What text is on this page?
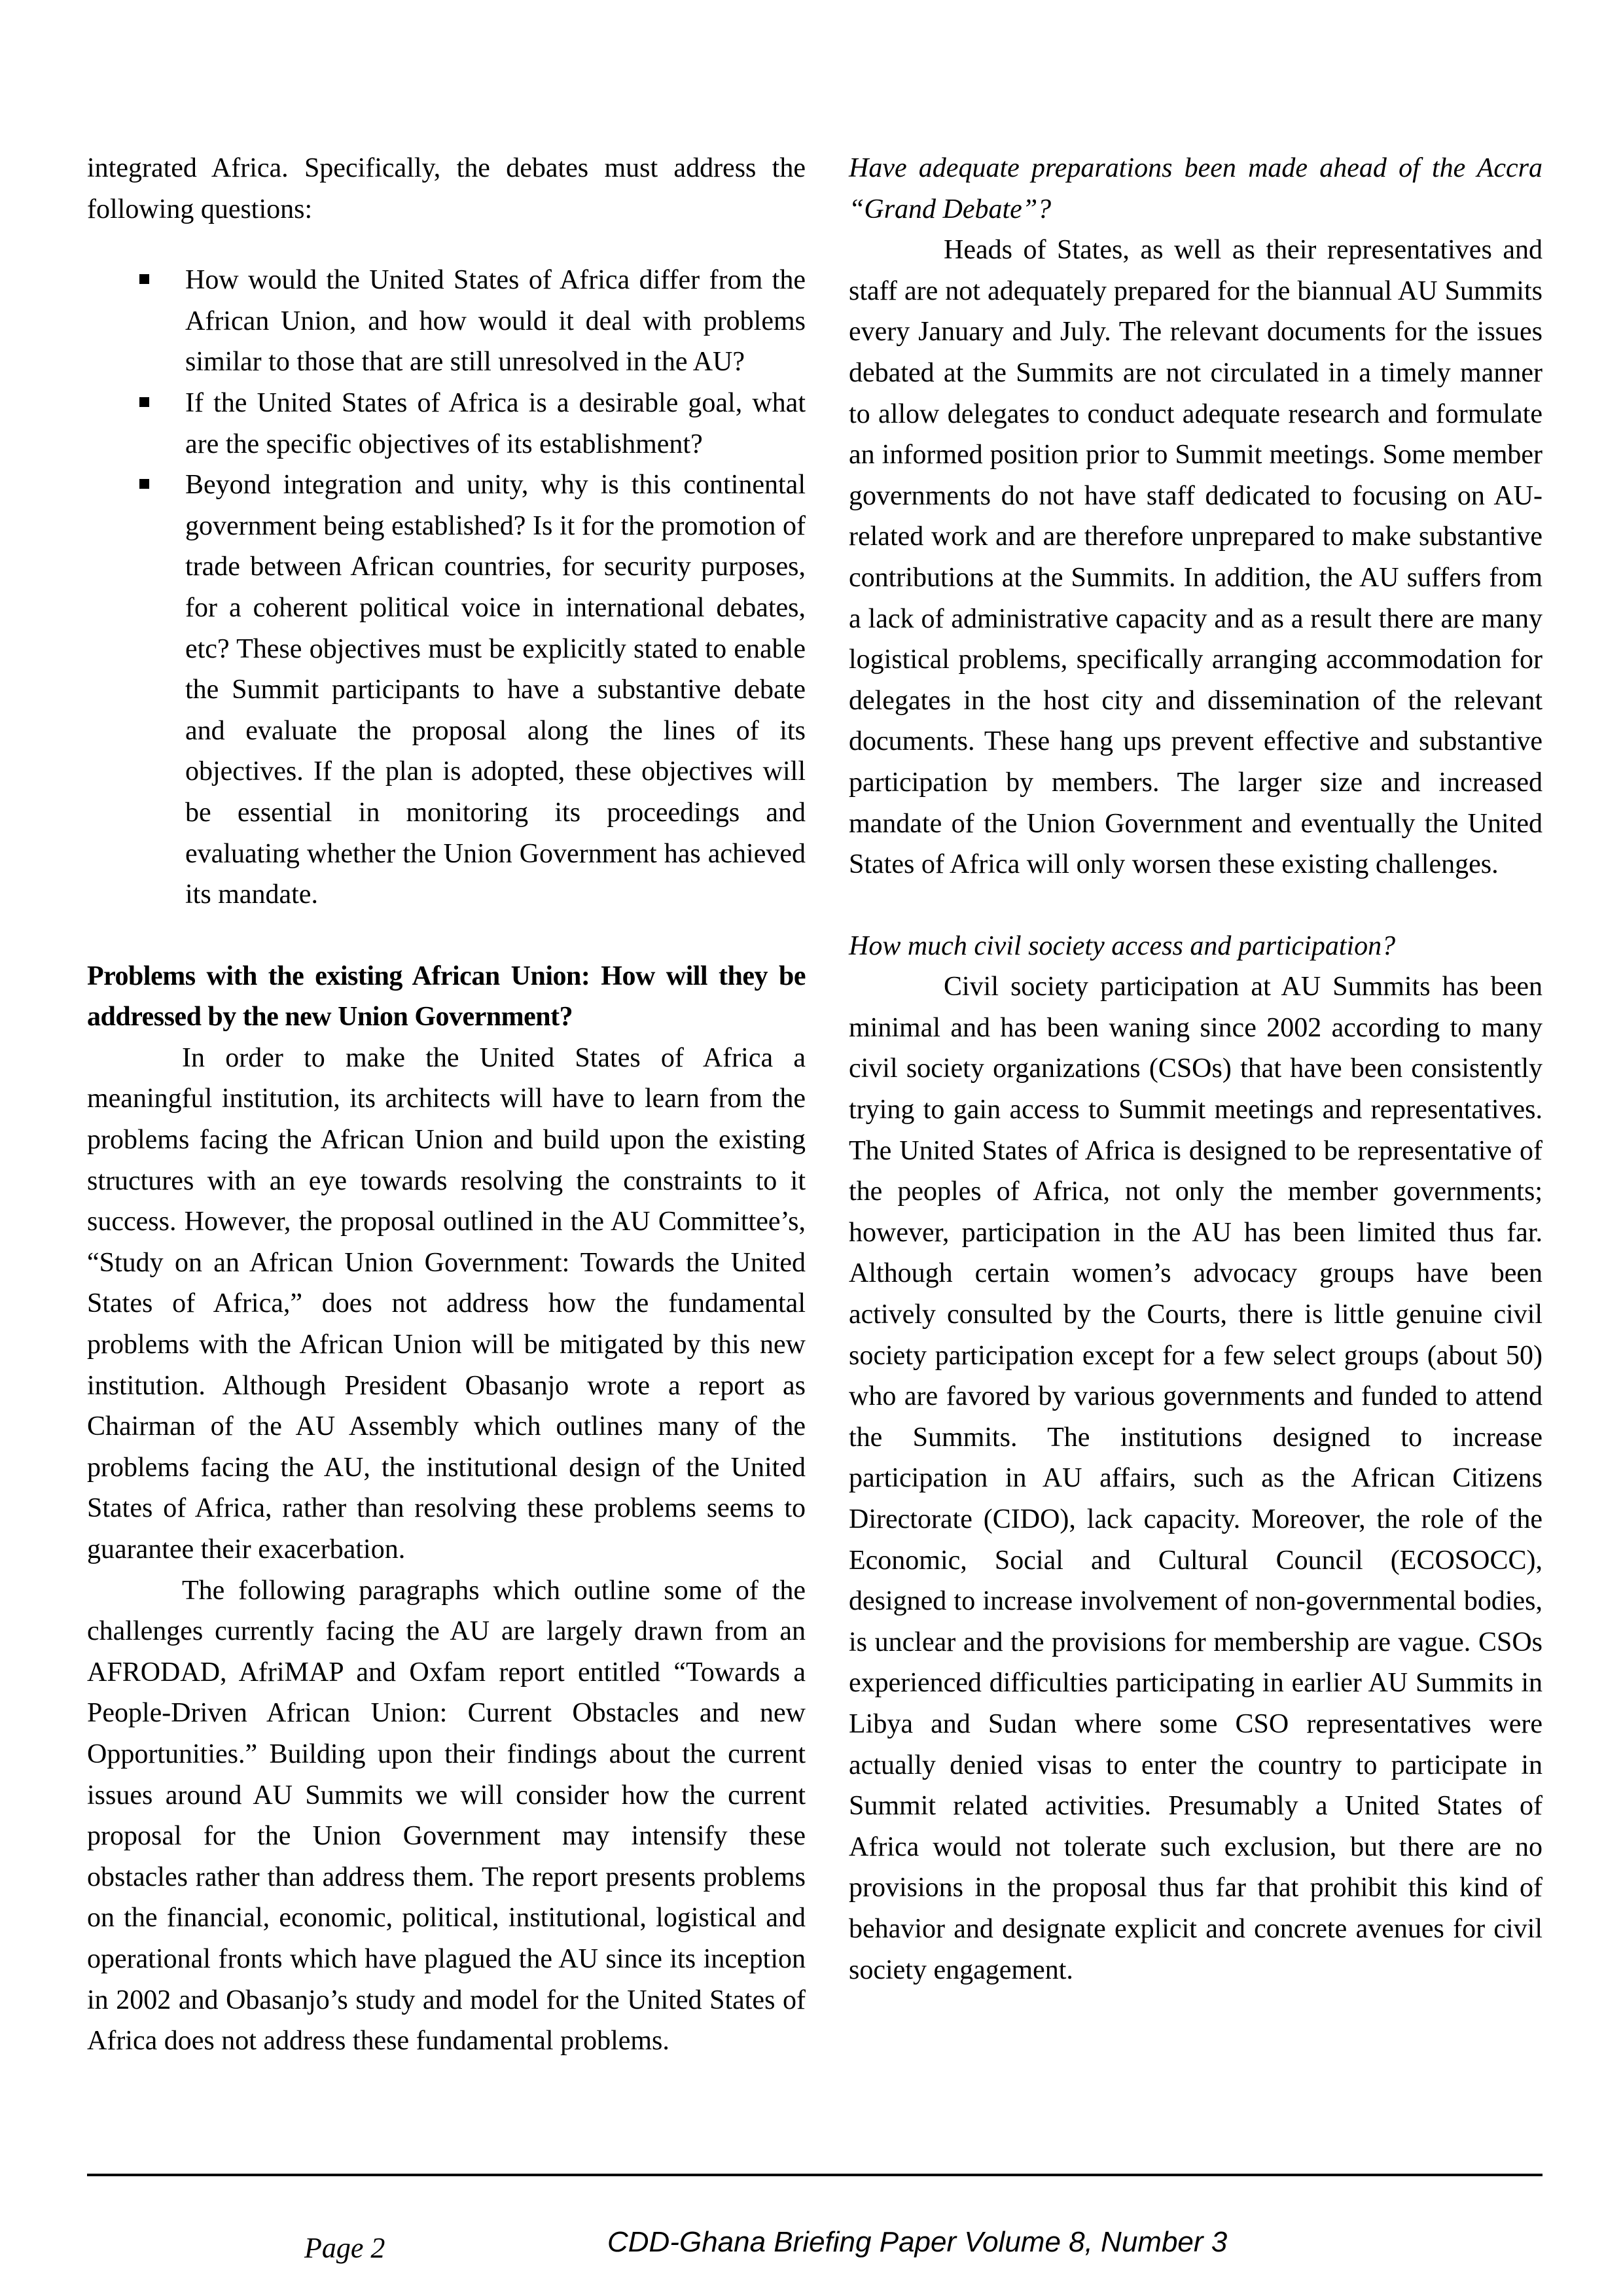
integrated Africa. Specifically, the debates must address the following questions:

How would the United States of Africa differ from the African Union, and how would it deal with problems similar to those that are still unresolved in the AU?
If the United States of Africa is a desirable goal, what are the specific objectives of its establishment?
Beyond integration and unity, why is this continental government being established? Is it for the promotion of trade between African countries, for security purposes, for a coherent political voice in international debates, etc? These objectives must be explicitly stated to enable the Summit participants to have a substantive debate and evaluate the proposal along the lines of its objectives. If the plan is adopted, these objectives will be essential in monitoring its proceedings and evaluating whether the Union Government has achieved its mandate.

Problems with the existing African Union: How will they be addressed by the new Union Government?

In order to make the United States of Africa a meaningful institution, its architects will have to learn from the problems facing the African Union and build upon the existing structures with an eye towards resolving the constraints to it success. However, the proposal outlined in the AU Committee’s, “Study on an African Union Government: Towards the United States of Africa,” does not address how the fundamental problems with the African Union will be mitigated by this new institution. Although President Obasanjo wrote a report as Chairman of the AU Assembly which outlines many of the problems facing the AU, the institutional design of the United States of Africa, rather than resolving these problems seems to guarantee their exacerbation.

The following paragraphs which outline some of the challenges currently facing the AU are largely drawn from an AFRODAD, AfriMAP and Oxfam report entitled “Towards a People-Driven African Union: Current Obstacles and new Opportunities.” Building upon their findings about the current issues around AU Summits we will consider how the current proposal for the Union Government may intensify these obstacles rather than address them. The report presents problems on the financial, economic, political, institutional, logistical and operational fronts which have plagued the AU since its inception in 2002 and Obasanjo’s study and model for the United States of Africa does not address these fundamental problems.

Have adequate preparations been made ahead of the Accra “Grand Debate”?

Heads of States, as well as their representatives and staff are not adequately prepared for the biannual AU Summits every January and July. The relevant documents for the issues debated at the Summits are not circulated in a timely manner to allow delegates to conduct adequate research and formulate an informed position prior to Summit meetings. Some member governments do not have staff dedicated to focusing on AU-related work and are therefore unprepared to make substantive contributions at the Summits. In addition, the AU suffers from a lack of administrative capacity and as a result there are many logistical problems, specifically arranging accommodation for delegates in the host city and dissemination of the relevant documents. These hang ups prevent effective and substantive participation by members. The larger size and increased mandate of the Union Government and eventually the United States of Africa will only worsen these existing challenges.

How much civil society access and participation?

Civil society participation at AU Summits has been minimal and has been waning since 2002 according to many civil society organizations (CSOs) that have been consistently trying to gain access to Summit meetings and representatives. The United States of Africa is designed to be representative of the peoples of Africa, not only the member governments; however, participation in the AU has been limited thus far. Although certain women’s advocacy groups have been actively consulted by the Courts, there is little genuine civil society participation except for a few select groups (about 50) who are favored by various governments and funded to attend the Summits. The institutions designed to increase participation in AU affairs, such as the African Citizens Directorate (CIDO), lack capacity. Moreover, the role of the Economic, Social and Cultural Council (ECOSOCC), designed to increase involvement of non-governmental bodies, is unclear and the provisions for membership are vague. CSOs experienced difficulties participating in earlier AU Summits in Libya and Sudan where some CSO representatives were actually denied visas to enter the country to participate in Summit related activities. Presumably a United States of Africa would not tolerate such exclusion, but there are no provisions in the proposal thus far that prohibit this kind of behavior and designate explicit and concrete avenues for civil society engagement.

Page 2	CDD-Ghana Briefing Paper Volume 8, Number 3
